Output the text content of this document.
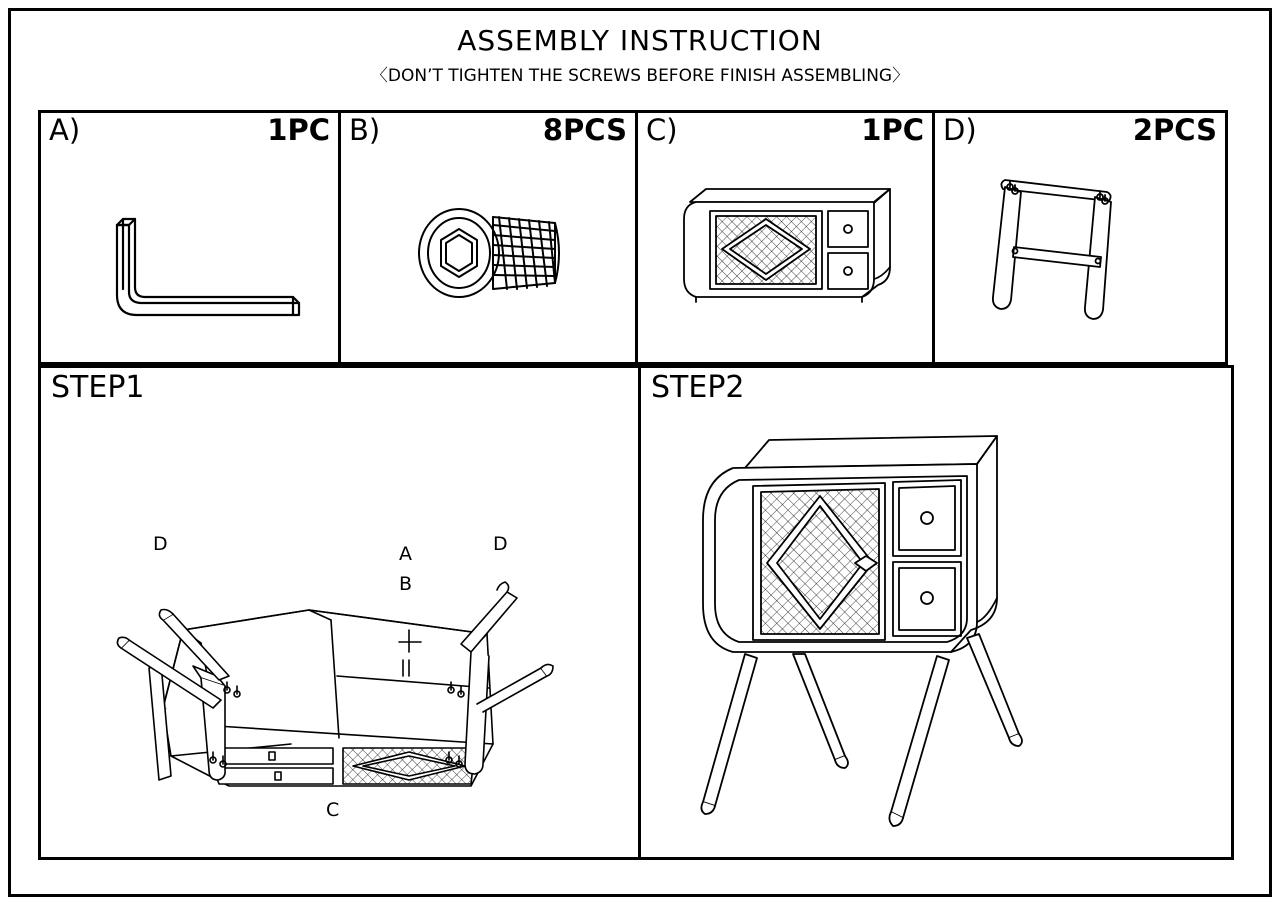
ASSEMBLY INSTRUCTION
〈DON’T TIGHTEN THE SCREWS BEFORE FINISH ASSEMBLING〉
A)	1PC B)	8PCS C)	1PC D)	2PCS
STEP1
D	D
A
B
C
STEP2
